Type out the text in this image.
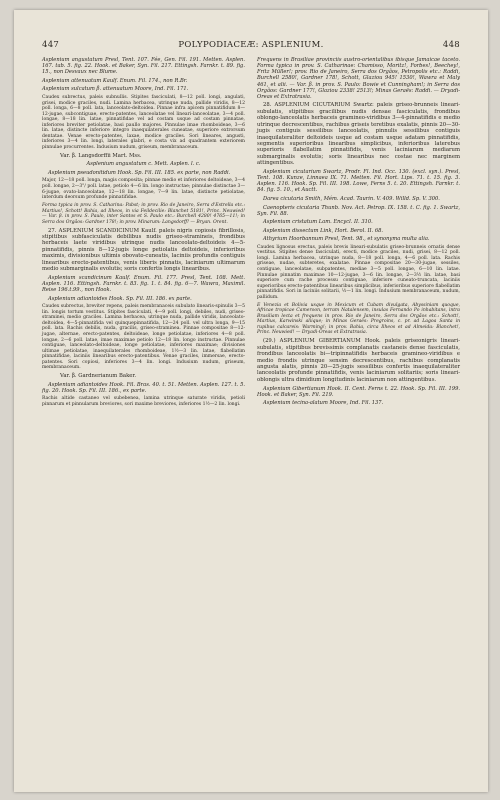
447	POLYPODIACEÆ: ASPLENIUM.	448

Asplenium angustatum Presl, Tent. 107. Fée, Gen. Fil. 191. Metten. Asplen. 167. tab. 5. fig. 22. Hook. et Baker, Syn. Fil. 217. Ettingsh. Farnkr. t. 89. fig. 15., non Desvaux nec Blume.

Asplenium attenuatum Kaulf. Enum. Fil. 174., non R.Br.

Asplenium sulcatum β. attenuatum Moore, Ind. Fil. 171.

Caudex subrectus, paleis subnullis. Stipites fasciculati, 8—12 poll. longi, angulati, grisei, modice graciles, nudi. Lamina herbacea, utrinque nuda, pallide viridis, 8—12 poll. longa, 6—8 poll. lata, lanceolato-deltoidea. Pinnae infra apicem pinnatifidum 8—12-jugae, subcontiguae, erecto-patentes, lanceolatae vel lineari-lanceolatae, 3—4 poll. longae, 8—18 lin. latae, pinnatifidae vel ad costam usque ad costam pinnatae, inferiores breviter petiolatae, basi paullo majores. Pinnulae imae rhomboideae, 3—6 lin. latae, distincte inferiore integro inaequilaterales cuneatae, superiore extrorsum dentatae. Venae erecto-patentes, laxae, modice graciles. Sori lineares, angusti, inferiores 3—4 lin. longi, laterales glabri, e costa vix ad quadrantem exteriorem pinnulae procurrentes. Indusium nudum, griseum, membranaceum.

Var. β. Langsdorffii Mart. Mss.

Asplenium angustatum c. Mett. Asplen. l. c.

Asplenium pseudonitidum Hook. Sp. Fil. III. 185. ex parte, non Raddi.

Major, 12—18 poll. longa, magis composita; pinnae medio et inferiores deltoideae, 3—4 poll. longae, 2—3"/ poll. latae, petiolo 4—6 lin. longo instructae; pinnulae distinctae 3—6-jugae, ovato-lanceolatae, 12—18 lin. longae, 7—9 lin. latae, distincte petiolatae, interdum deorsum profunde pinnatifidae.

Forma typica in prov. S. Catharina: Pabst; in prov. Rio de Janeiro, Serra d'Estrella etc.: Martius!, Schott! Bahia, ad Ilheos, in via Feildecilie: Blanchet 5181!, Princ. Neuwied! — Var. β. in prov. S. Paulo, inter Santos et S. Paulo etc.: Burchell 4280! 4765—11!; in Serra dos Orgãos: Gardner 178!; in prov. Minarum: Langsdorff! — Bryan. Orent.

27. ASPLENIUM SCANDICINUM Kaulf. paleis nigris copiosis fibrillosis, stipitibus subfasciculatis debilibus nudis griseo-stramineis, frondibus herbaceis laete viridibus utrinque nudis lanceolato-deltoideis 4—5-pinnatifidis, pinnis 8—12-jugis longe petiolatis deltoideis, inferioribus maximis, divisionibus ultimis obovato-cuneatis, laciniis profundis contiguis linearibus erecto-patentibus, venis liberis pinnatis, laciniarum ultimarum medio submarginalis evolutis; soris confertis longis linearibus.

Asplenium scandicinum Kaulf. Enum. Fil. 177. Presl, Tent. 108. Mett. Asplen. 116. Ettingsh. Farnkr. t. 83. fig. 1. t. 84. fig. 6—7. Wawra, Maximil. Reise 196.t.99., non Hook.

Asplenium adiantoides Hook. Sp. Fil. III. 186. ex parte.

Caudex subrectus, breviter repens, paleis membranaceis subulato linearis-spinulis 3—5 lin. longis tortum vestitus. Stipites fasciculati, 4—9 poll. longi, debiles, nudi, griseo-straminei, medio graciles. Lamina herbacea, utrinque nuda, pallide viridis, lanceolato-deltoidea, 4—5-pinnatifida vel quinquepinnatifida, 12—24 poll. vel ultra longa, 9—15 poll. lata. Rachis debilis, nuda, gracilis, griseo-straminea. Pinnae compositae 8—12-jugae, alternae, erecto-patentes, deltoideae, longe petiolatae, inferiores 4—8 poll. longae, 2—6 poll. latae, imae maximae petiolo 12—18 lin. longo instructae. Pinnulae contiguae, lanceolato-deltoideae, longe petiolatae, inferiores maximae; divisiones ultimae petiolatae, inaequilaterales rhomboideae, 1½—3 lin. latae, flabellatim pinnatifidae, laciniis linearibus erecto-patentibus. Venae graciles, immersae, erecto-patentes. Sori copiosi, inferiores 3—4 lin. longi. Indusium nudum, griseum, membranaceum.

Var. β. Gardnerianum Baker.

Asplenium adiantoides Hook. Fil. Bras. 40. t. 51. Metten. Asplen. 127. t. 5. fig. 20. Hook. Sp. Fil. III. 186., ex parte.

Rachis altide castaneo vel subebenea, lamina utrinque saturate viridis, petioli pinnarum et pinnularum breviores, sori maxime breviores, inferiores 1½—2 lin. longi.

Frequens in Brasiliae provinciis austro-orientalibus ibisque Jamaicae taceto. Forma typica in prov. S. Catharinae: Chamisso, Moritz!, Forbes!, Beechey!, Fritz Müller!; prov. Rio de Janeiro, Serra dos Orgãos, Petropolis etc.: Raddi, Burchell 2580!, Gardner 178!, Schott, Glaziou 945! 1530!, Wawra et Maly 461, et alii. — Var. β. in prov. S. Paulo: Bowie et Cunningham!; in Serra dos Orgãos: Gardner 177!, Glaziou 2338! 2513!; Minas Geraës: Raddi. — Dryadi-Oreas et Extratrasia.

28. ASPLENIUM CICUTARIUM Swartz: paleis griseo-brunneis lineari-subulatis, stipitibus gracilibus nudis densae fasciculatis, frondibus oblongo-lanceolatis herbaceis gramineo-viridibus 3—4-pinnatifidis e medio utrinque decrescentibus, rachibus griseis teretibus exalatis, pinnis 20—30-jugis contiguis sessilibus lanceolatis, pinnulis sessilibus contiguis inaequilateraliter deltoideis usque ad costam usque adatam pinnatifidis, segmentis superioribus linearibus simplicibus, inferioribus laterebus superioris flabellatim pinnatifidis, venis laciniarum mediarum submarginalis evolutis; soris linearibus nec costae nec marginem attingentibus.

Asplenium cicutarium Swartz, Prodr. Fl. Ind. Occ. 130. (excl. syn.). Presl, Tent. 108. Kunze, Linnaea IX. 71. Metten. Fil. Hort. Lips. 71. t. 15. fig. 3. Asplen. 116. Hook. Sp. Fil. III. 198. Lowe, Ferns 5. t. 20. Ettingsh. Farnkr. t. 84. fig. 5. 10., et Auctt.

Darea cicutaria Smith, Mém. Acad. Taurin. V. 409. Willd. Sp. V. 300.

Caenopteris cicutaria Thunb. Nov. Act. Petrop. IX. 158. t. C. fig. 1. Swartz, Syn. Fil. 88.

Asplenium cristatum Lam. Encycl. II. 310.

Asplenium dissectum Link, Hort. Berol. II. 68.

Athyrium Hoorbannum Presl, Tent. 98., et synonyma multa alia.

Caudex lignosus erectus, paleis brevis lineari-subulatis griseo-brunneis ornatis dense vestitus. Stipites dense fasciculati, erecti, modice graciles, nudi, grisei, 8—12 poll. longi. Lamina herbacea, utrinque nuda, 8—18 poll. longa, 4—6 poll. lata. Rachis griseae, nudae, subteretes, exalatae. Pinnae compositae 20—30-jugae, sessiles, contiguae, lanceolatae, subpatentes, mediae 3—5 poll. longae, 6—10 lin. latae. Pinnulae pinnatim maximae 10—12-jugae, 3—6 lin. longae, 2—3½ lin. latae, basi superiore cum rache processu contiguae, inferiore cuneato-truncata, laciniis superioribus erecto-patentibus linearibus simplicibus, inferioribus superiore flabellatim pinnatifidis. Sori in laciniis solitarii, ½—1 lin. longi. Indusium membranaceum, nudum, pallidum.

E Venezia et Bolivia usque in Mexicum et Cubam divulgata, Abyssiniam quoque, Africae tropicae Cameroon, terram Natalensem, insulas Fernando Po inhabitans, intra Brasiliam lecta et frequens in prov. Rio de Janeiro, Serra dos Orgãos etc.: Schott!, Martius, Karwinski aliique; in Minas Geraës: Pregroins, c. pr. ad Lagoa Santa in rupibus calcareis: Warming!; in prov. Bahia, circa Ilheos et ad Almeida: Blanchet!, Princ. Neuwied! — Dryadi-Oreas et Extratrasia.

(29.) ASPLENIUM GIBERTIANUM Hook. paleis griseonigris lineari-subulatis, stipitibus brevissimis complanatis castaneis dense fasciculatis, frondibus lanceolatis bi—tripinnatifidis herbaceis gramineo-viridibus e medio frondis utrinque sensim decrescentibus, rachibus complanatis angusta alatis, pinnis 20—25-jugis sessilibus confertis inaequilateraliter lanceolatis profunde pinnatifidis, venis laciniarum solitariis; soris lineari-oblongis ultra dimidium longitudinis laciniarum non attingentibus.

Asplenium Gibertianum Hook. II. Cent. Ferns t. 22. Hook. Sp. Fil. III. 199. Hook. et Baker, Syn. Fil. 219.

Asplenium tecina-alatum Moore, Ind. Fil. 137.
